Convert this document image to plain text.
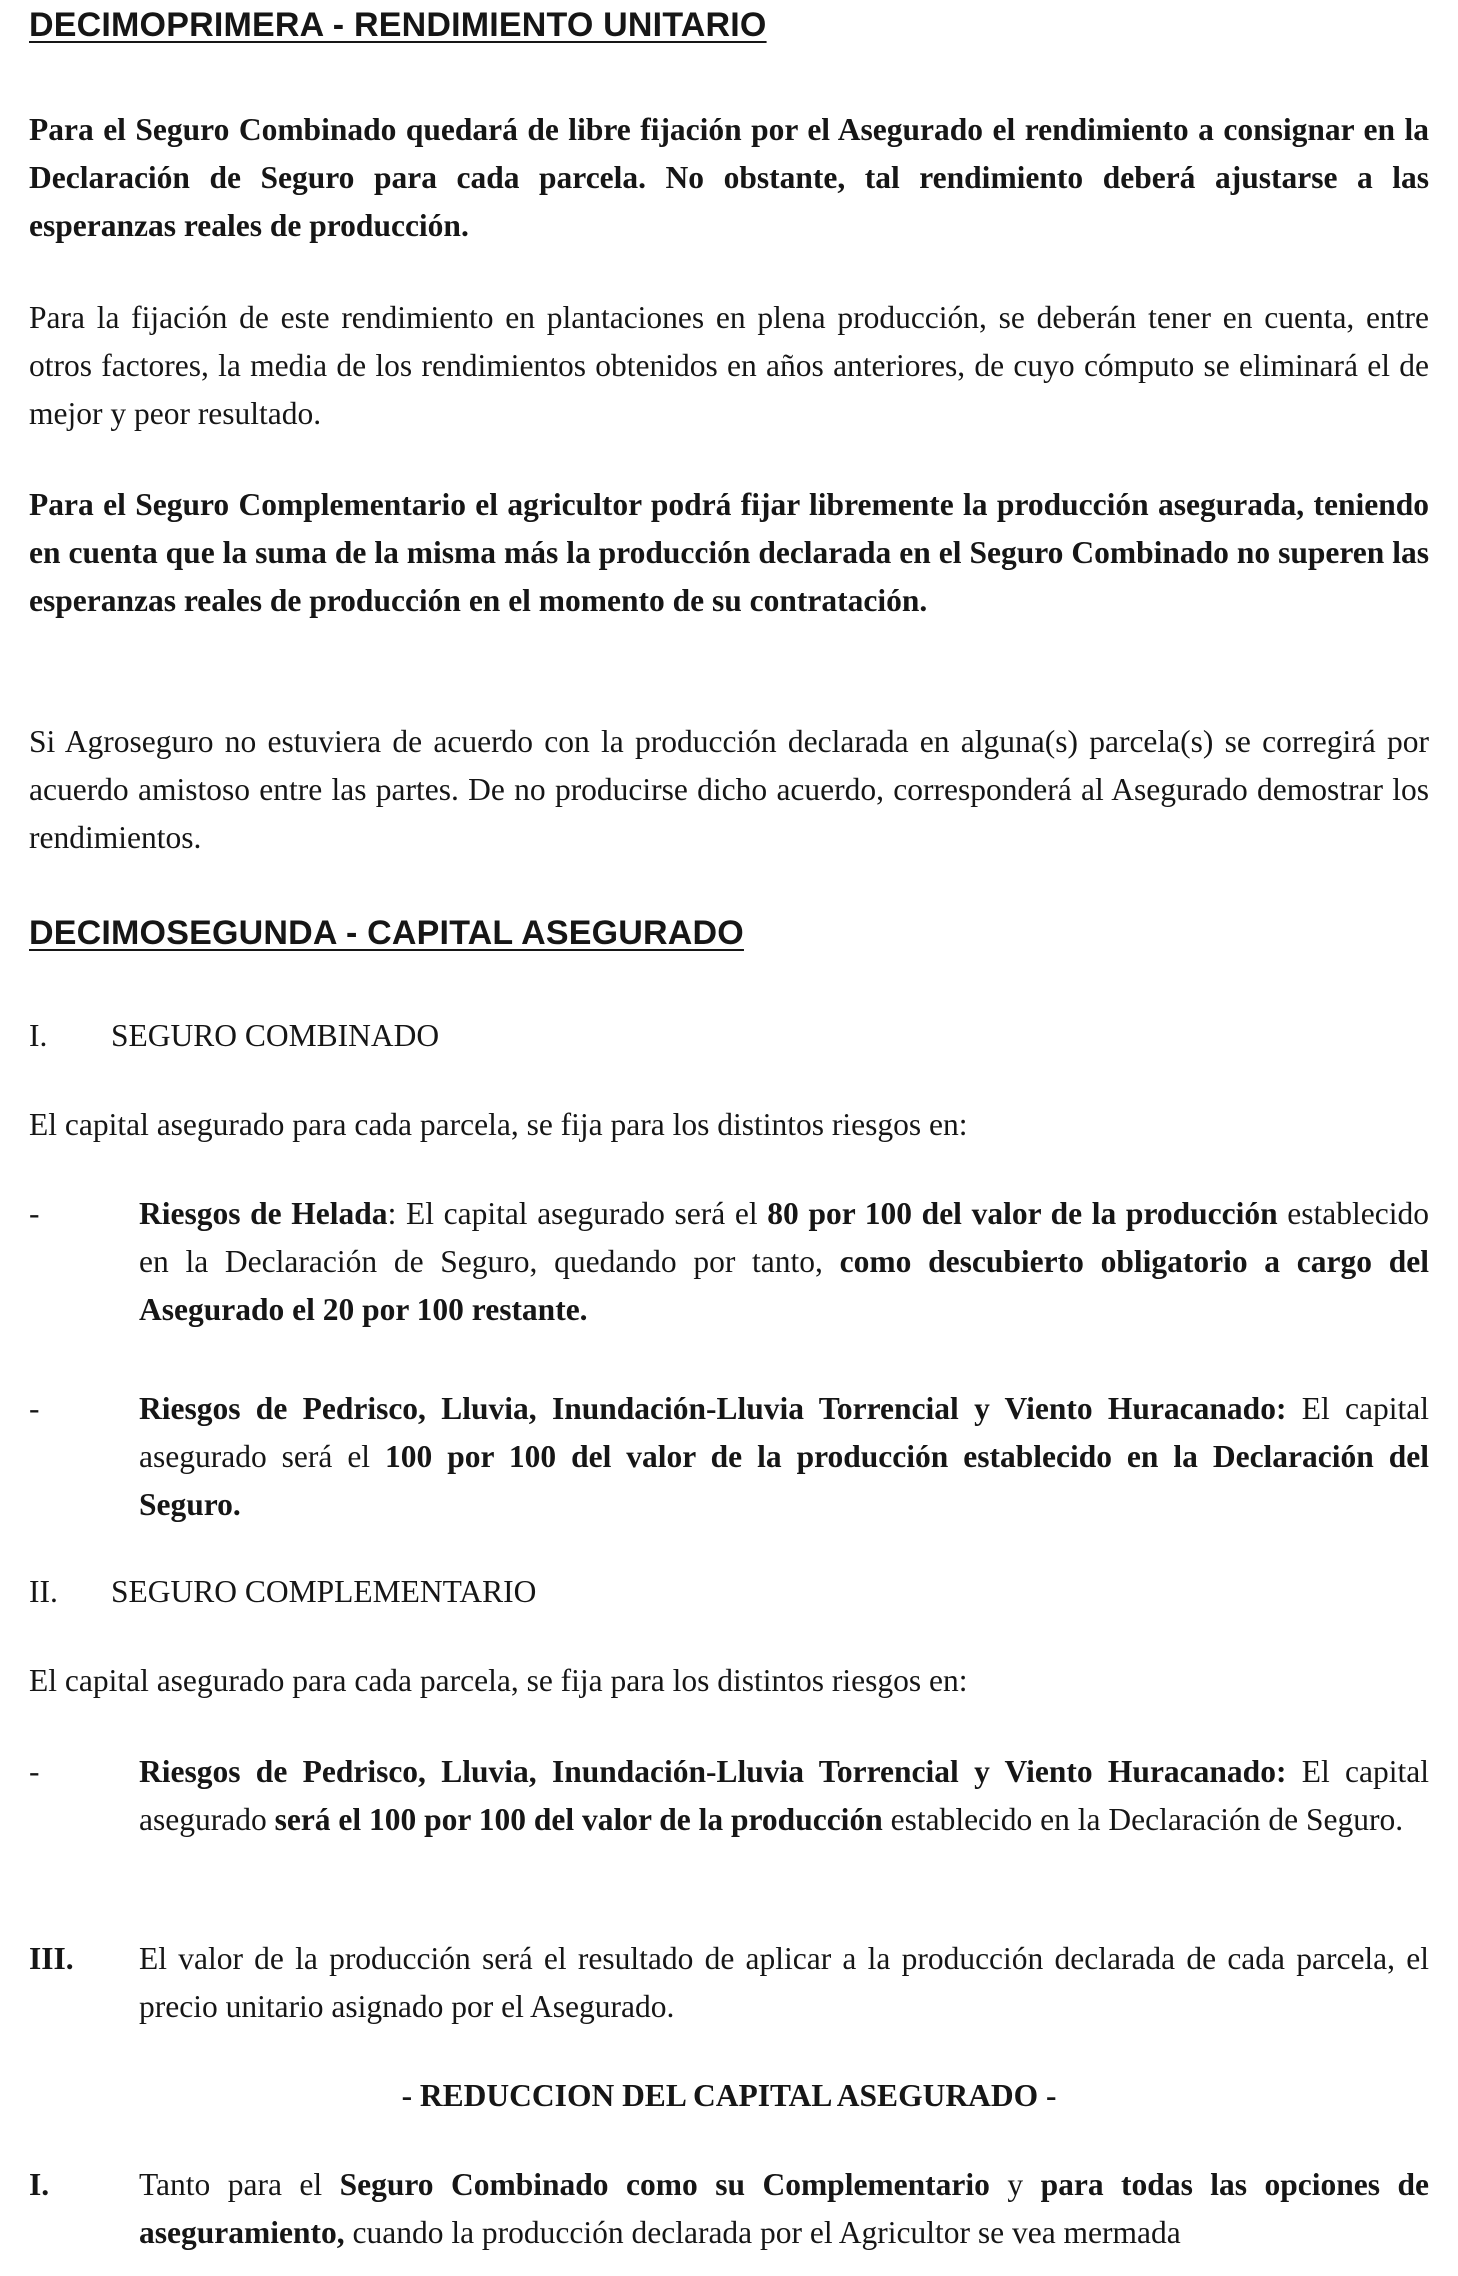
DECIMOPRIMERA - RENDIMIENTO UNITARIO

Para el Seguro Combinado quedará de libre fijación por el Asegurado el rendimiento a consignar en la Declaración de Seguro para cada parcela. No obstante, tal rendimiento deberá ajustarse a las esperanzas reales de producción.

Para la fijación de este rendimiento en plantaciones en plena producción, se deberán tener en cuenta, entre otros factores, la media de los rendimientos obtenidos en años anteriores, de cuyo cómputo se eliminará el de mejor y peor resultado.

Para el Seguro Complementario el agricultor podrá fijar libremente la producción asegurada, teniendo en cuenta que la suma de la misma más la producción declarada en el Seguro Combinado no superen las esperanzas reales de producción en el momento de su contratación.

Si Agroseguro no estuviera de acuerdo con la producción declarada en alguna(s) parcela(s) se corregirá por acuerdo amistoso entre las partes. De no producirse dicho acuerdo, corresponderá al Asegurado demostrar los rendimientos.

DECIMOSEGUNDA - CAPITAL ASEGURADO
I. SEGURO COMBINADO

El capital asegurado para cada parcela, se fija para los distintos riesgos en:

-	Riesgos de Helada: El capital asegurado será el 80 por 100 del valor de la producción establecido en la Declaración de Seguro, quedando por tanto, como descubierto obligatorio a cargo del Asegurado el 20 por 100 restante.

-	Riesgos de Pedrisco, Lluvia, Inundación-Lluvia Torrencial y Viento Huracanado: El capital asegurado será el 100 por 100 del valor de la producción establecido en la Declaración del Seguro.

II. SEGURO COMPLEMENTARIO

El capital asegurado para cada parcela, se fija para los distintos riesgos en:

-	Riesgos de Pedrisco, Lluvia, Inundación-Lluvia Torrencial y Viento Huracanado: El capital asegurado será el 100 por 100 del valor de la producción establecido en la Declaración de Seguro.

III. El valor de la producción será el resultado de aplicar a la producción declarada de cada parcela, el precio unitario asignado por el Asegurado.

- REDUCCION DEL CAPITAL ASEGURADO -
I.	Tanto para el Seguro Combinado como su Complementario y para todas las opciones de aseguramiento, cuando la producción declarada por el Agricultor se vea mermada
